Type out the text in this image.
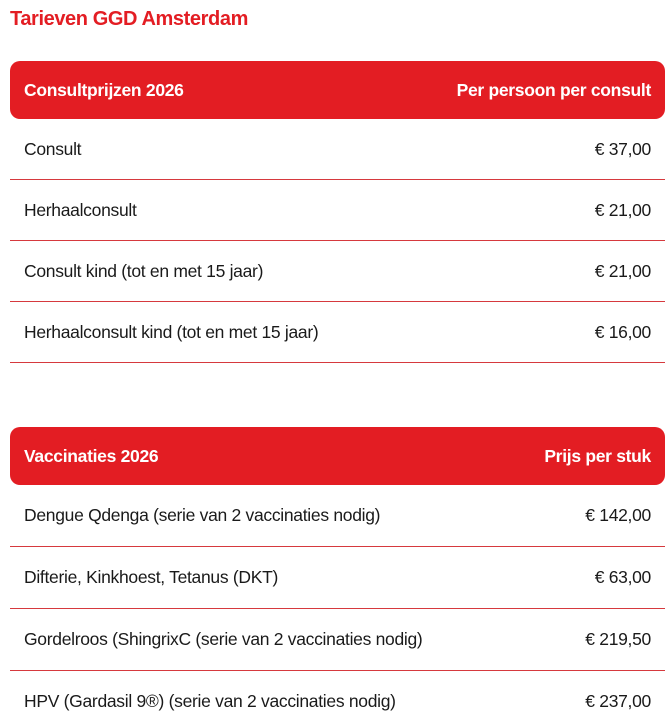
Tarieven GGD Amsterdam
Consultprijzen 2026	Per persoon per consult
Consult	€ 37,00
Herhaalconsult	€ 21,00
Consult kind (tot en met 15 jaar)	€ 21,00
Herhaalconsult kind (tot en met 15 jaar)	€ 16,00
Vaccinaties 2026	Prijs per stuk
Dengue Qdenga (serie van 2 vaccinaties nodig)	€ 142,00
Difterie, Kinkhoest, Tetanus (DKT)	€ 63,00
Gordelroos (ShingrixC (serie van 2 vaccinaties nodig)	€ 219,50
HPV (Gardasil 9®) (serie van 2 vaccinaties nodig)	€ 237,00
